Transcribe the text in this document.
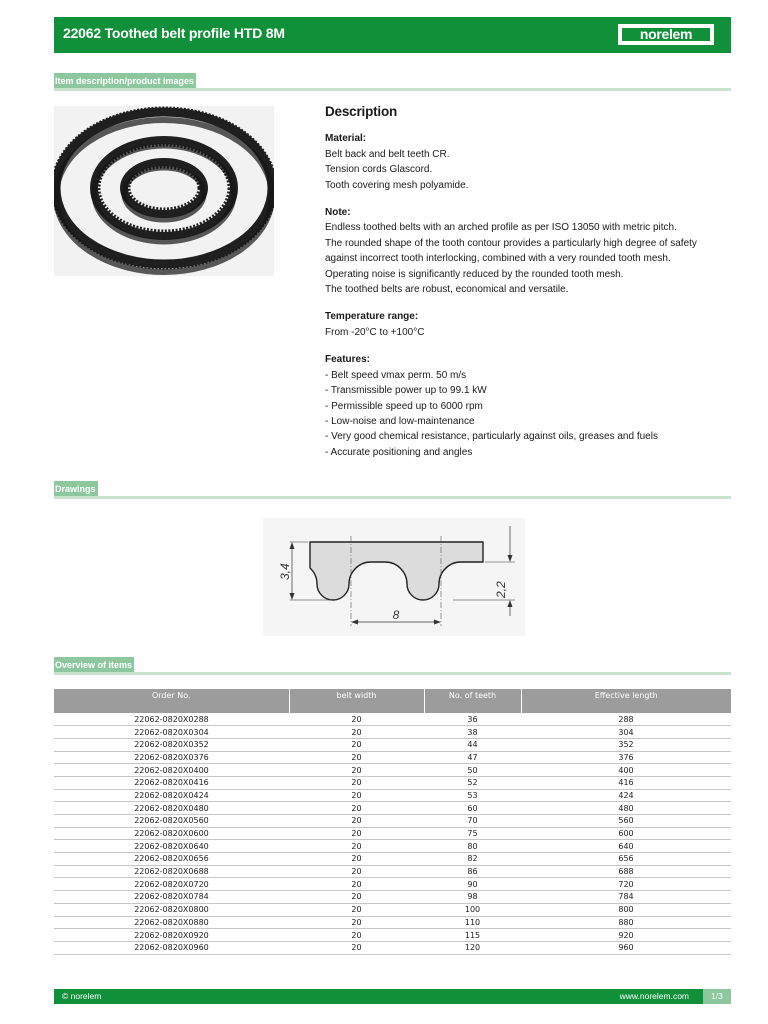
22062 Toothed belt profile HTD 8M	norelem
Item description/product images
Description
Material:

Belt back and belt teeth CR.

Tension cords Glascord.

Tooth covering mesh polyamide.

Note:

Endless toothed belts with an arched profile as per ISO 13050 with metric pitch.

The rounded shape of the tooth contour provides a particularly high degree of safety

against incorrect tooth interlocking, combined with a very rounded tooth mesh.

Operating noise is significantly reduced by the rounded tooth mesh.

The toothed belts are robust, economical and versatile.

Temperature range:

From -20°C to +100°C

Features:

- Belt speed vmax perm. 50 m/s

- Transmissible power up to 99.1 kW

- Permissible speed up to 6000 rpm

- Low-noise and low-maintenance

- Very good chemical resistance, particularly against oils, greases and fuels

- Accurate positioning and angles

Drawings
3,4
2,2
8
Overview of items
Order No.	belt width	No. of teeth	Effective length
22062-0820X0288	20	36	288
22062-0820X0304	20	38	304
22062-0820X0352	20	44	352
22062-0820X0376	20	47	376
22062-0820X0400	20	50	400
22062-0820X0416	20	52	416
22062-0820X0424	20	53	424
22062-0820X0480	20	60	480
22062-0820X0560	20	70	560
22062-0820X0600	20	75	600
22062-0820X0640	20	80	640
22062-0820X0656	20	82	656
22062-0820X0688	20	86	688
22062-0820X0720	20	90	720
22062-0820X0784	20	98	784
22062-0820X0800	20	100	800
22062-0820X0880	20	110	880
22062-0820X0920	20	115	920
22062-0820X0960	20	120	960
© norelem	www.norelem.com	1/3
